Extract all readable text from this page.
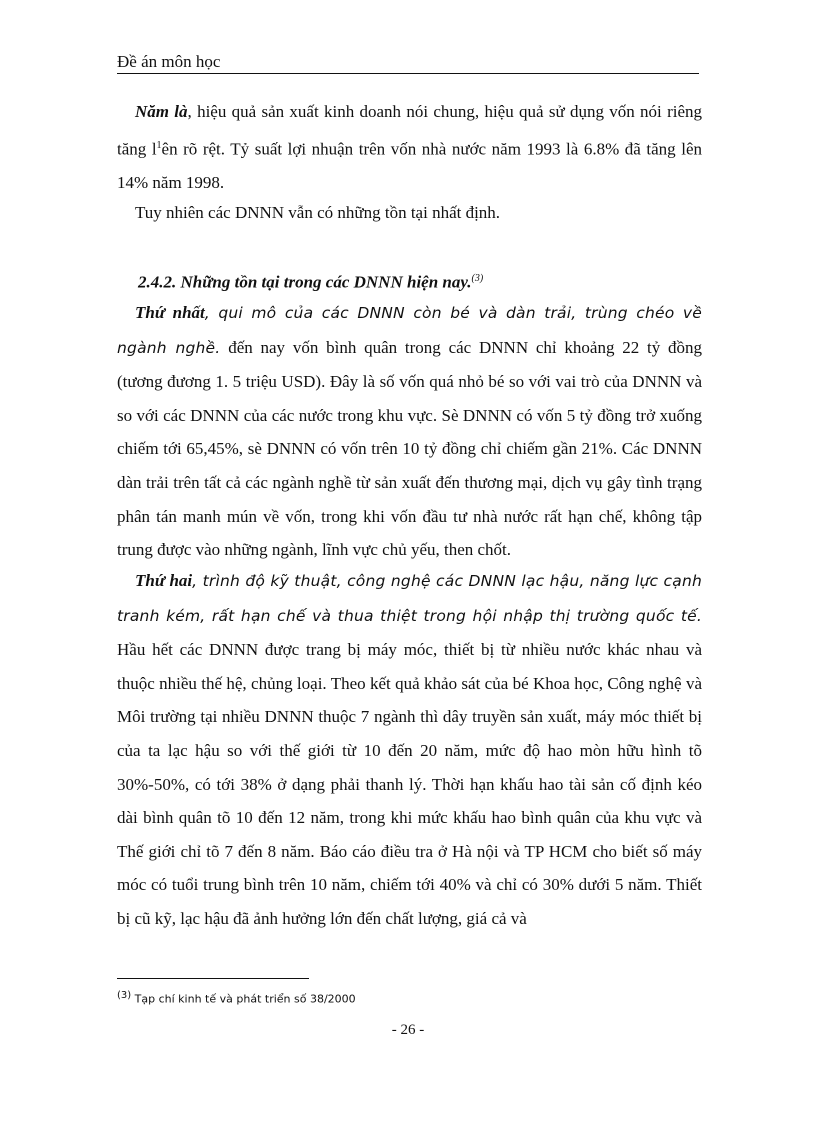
Đề án môn học

Năm là, hiệu quả sản xuất kinh doanh nói chung, hiệu quả sử dụng vốn nói riêng tăng $l^1ên$ rõ rệt. Tỷ suất lợi nhuận trên vốn nhà nước năm 1993 là 6.8% đã tăng lên 14% năm 1998.

Tuy nhiên các DNNN vẫn có những tồn tại nhất định.

2.4.2. Những tồn tại trong các DNNN hiện nay.$^{(3)}$

Thứ nhất, qui mô của các DNNN còn bé và dàn trải, trùng chéo về ngành nghề. đến nay vốn bình quân trong các DNNN chỉ khoảng 22 tỷ đồng (tương đương 1. 5 triệu USD). Đây là số vốn quá nhỏ bé so với vai trò của DNNN và so với các DNNN của các nước trong khu vực. Sè DNNN có vốn 5 tỷ đồng trở xuống chiếm tới 65,45%, sè DNNN có vốn trên 10 tỷ đồng chỉ chiếm gần 21%. Các DNNN dàn trải trên tất cả các ngành nghề từ sản xuất đến thương mại, dịch vụ gây tình trạng phân tán manh mún về vốn, trong khi vốn đầu tư nhà nước rất hạn chế, không tập trung được vào những ngành, lĩnh vực chủ yếu, then chốt.

Thứ hai, trình độ kỹ thuật, công nghệ các DNNN lạc hậu, năng lực cạnh tranh kém, rất hạn chế và thua thiệt trong hội nhập thị trường quốc tế. Hầu hết các DNNN được trang bị máy móc, thiết bị từ nhiều nước khác nhau và thuộc nhiều thế hệ, chủng loại. Theo kết quả khảo sát của bé Khoa học, Công nghệ và Môi trường tại nhiều DNNN thuộc 7 ngành thì dây truyền sản xuất, máy móc thiết bị của ta lạc hậu so với thế giới từ 10 đến 20 năm, mức độ hao mòn hữu hình tõ 30%-50%, có tới 38% ở dạng phải thanh lý. Thời hạn khấu hao tài sản cố định kéo dài bình quân tõ 10 đến 12 năm, trong khi mức khấu hao bình quân của khu vực và Thế giới chỉ tõ 7 đến 8 năm. Báo cáo điều tra ở Hà nội và TP HCM cho biết số máy móc có tuổi trung bình trên 10 năm, chiếm tới 40% và chỉ có 30% dưới 5 năm. Thiết bị cũ kỹ, lạc hậu đã ảnh hưởng lớn đến chất lượng, giá cả và

$^{(3)}$ Tạp chí kinh tế và phát triển số 38/2000
- 26 -
